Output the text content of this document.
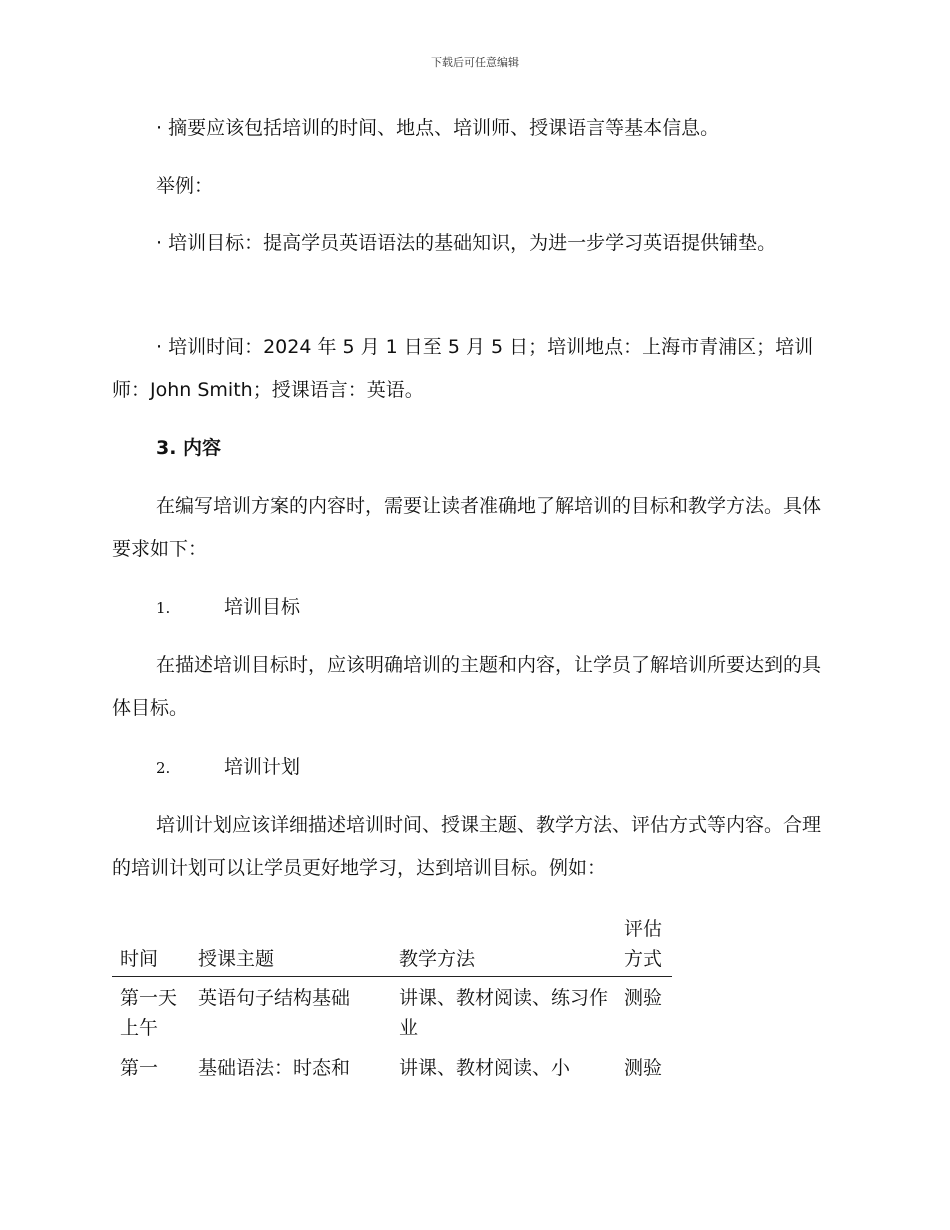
下载后可任意编辑

· 摘要应该包括培训的时间、地点、培训师、授课语言等基本信息。

举例：

· 培训目标：提高学员英语语法的基础知识，为进一步学习英语提供铺垫。

· 培训时间：2024 年 5 月 1 日至 5 月 5 日；培训地点：上海市青浦区；培训师：John Smith；授课语言：英语。

3. 内容

在编写培训方案的内容时，需要让读者准确地了解培训的目标和教学方法。具体要求如下：

1.	培训目标

在描述培训目标时，应该明确培训的主题和内容，让学员了解培训所要达到的具体目标。

2.	培训计划

培训计划应该详细描述培训时间、授课主题、教学方法、评估方式等内容。合理的培训计划可以让学员更好地学习，达到培训目标。例如：

时间	授课主题	教学方法	评估方式
第一天上午	英语句子结构基础	讲课、教材阅读、练习作业	测验
第一	基础语法：时态和	讲课、教材阅读、小	测验
